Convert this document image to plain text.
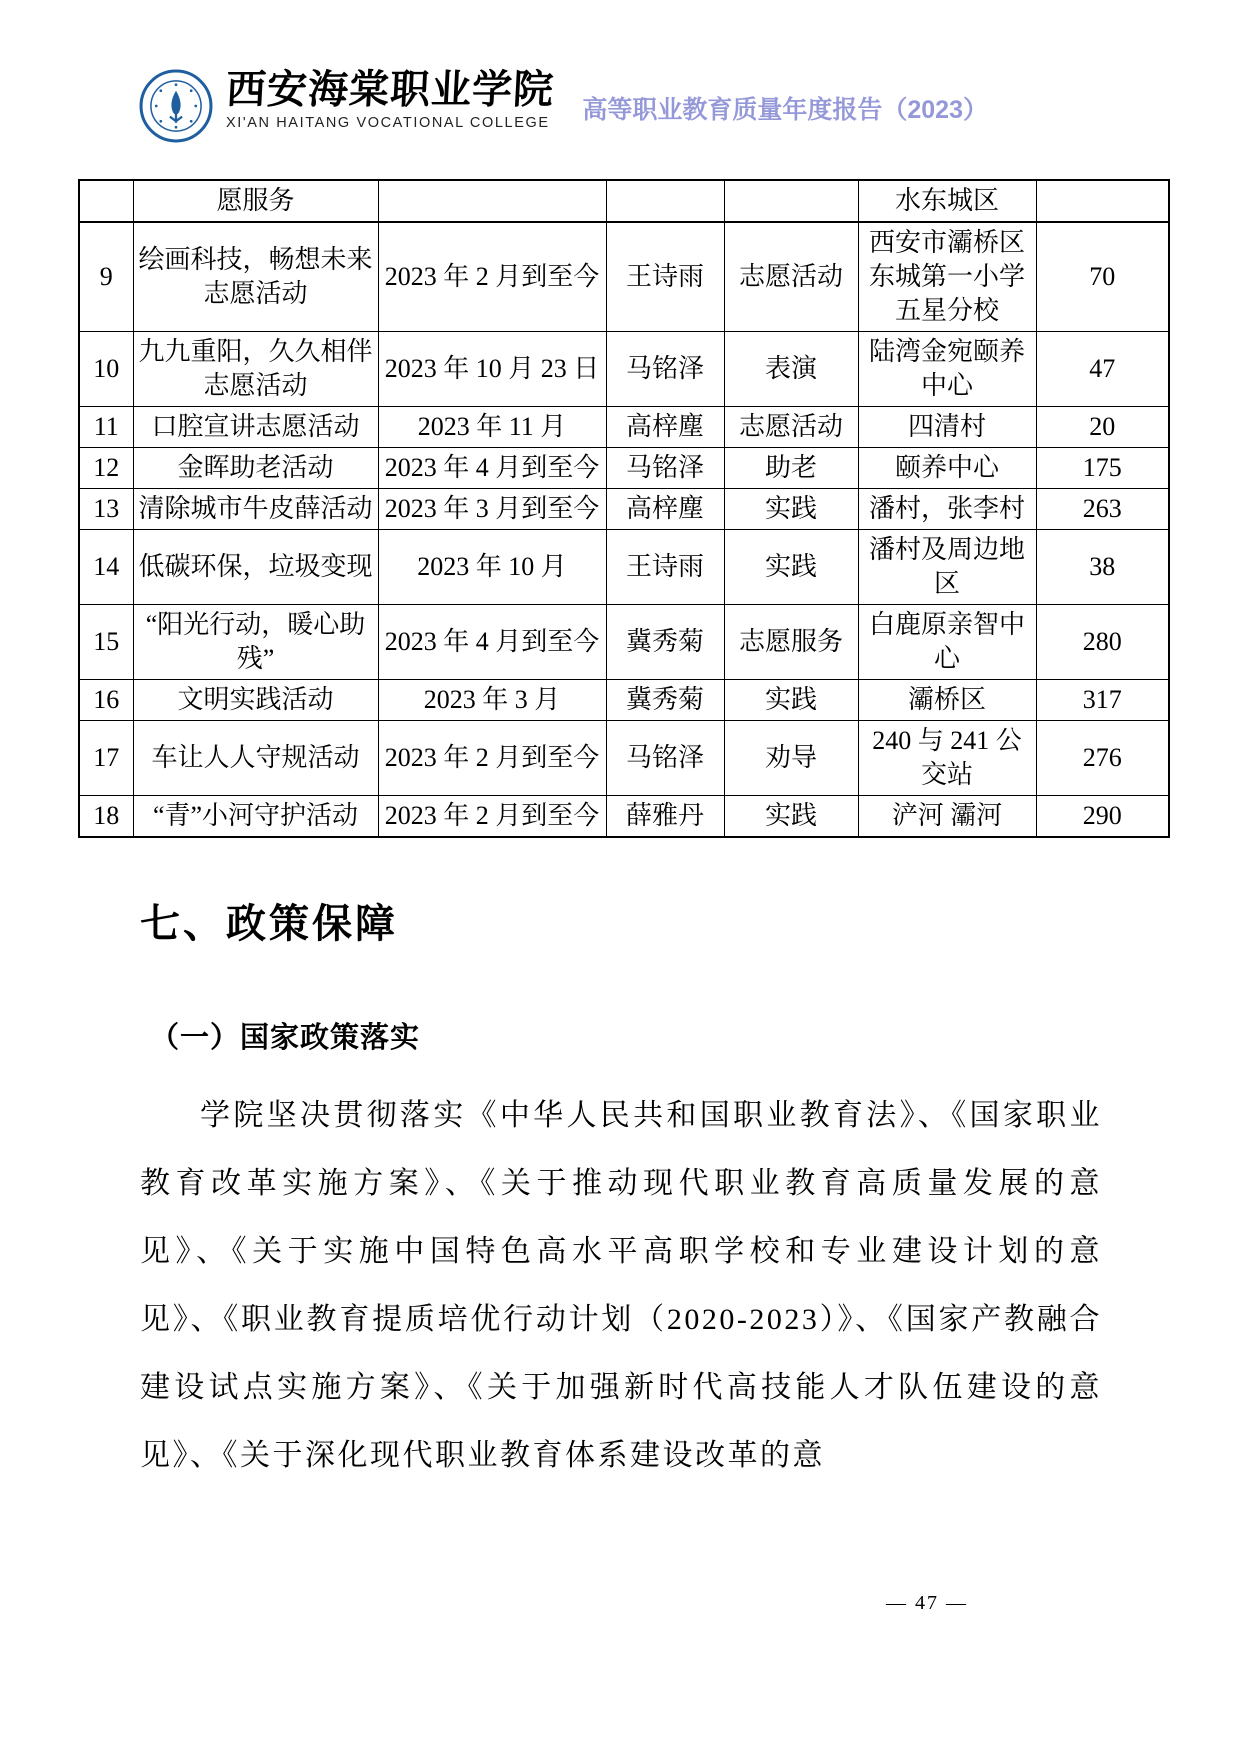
西安海棠职业学院
XI'AN HAITANG VOCATIONAL COLLEGE 高等职业教育质量年度报告（2023）
	愿服务				水东城区	
9	绘画科技，畅想未来志愿活动	2023 年 2 月到至今	王诗雨	志愿活动	西安市灞桥区东城第一小学五星分校	70
10	九九重阳，久久相伴志愿活动	2023 年 10 月 23 日	马铭泽	表演	陆湾金宛颐养中心	47
11	口腔宣讲志愿活动	2023 年 11 月	高梓塵	志愿活动	四清村	20
12	金晖助老活动	2023 年 4 月到至今	马铭泽	助老	颐养中心	175
13	清除城市牛皮薛活动	2023 年 3 月到至今	高梓塵	实践	潘村，张李村	263
14	低碳环保，垃圾变现	2023 年 10 月	王诗雨	实践	潘村及周边地区	38
15	“阳光行动，暖心助残”	2023 年 4 月到至今	冀秀菊	志愿服务	白鹿原亲智中心	280
16	文明实践活动	2023 年 3 月	冀秀菊	实践	灞桥区	317
17	车让人人守规活动	2023 年 2 月到至今	马铭泽	劝导	240 与 241 公交站	276
18	“青”小河守护活动	2023 年 2 月到至今	薛雅丹	实践	浐河 灞河	290
七、政策保障
（一）国家政策落实
学院坚决贯彻落实《中华人民共和国职业教育法》、《国家职业教育改革实施方案》、《关于推动现代职业教育高质量发展的意见》、《关于实施中国特色高水平高职学校和专业建设计划的意见》、《职业教育提质培优行动计划（2020-2023）》、《国家产教融合建设试点实施方案》、《关于加强新时代高技能人才队伍建设的意见》、《关于深化现代职业教育体系建设改革的意
— 47 —
